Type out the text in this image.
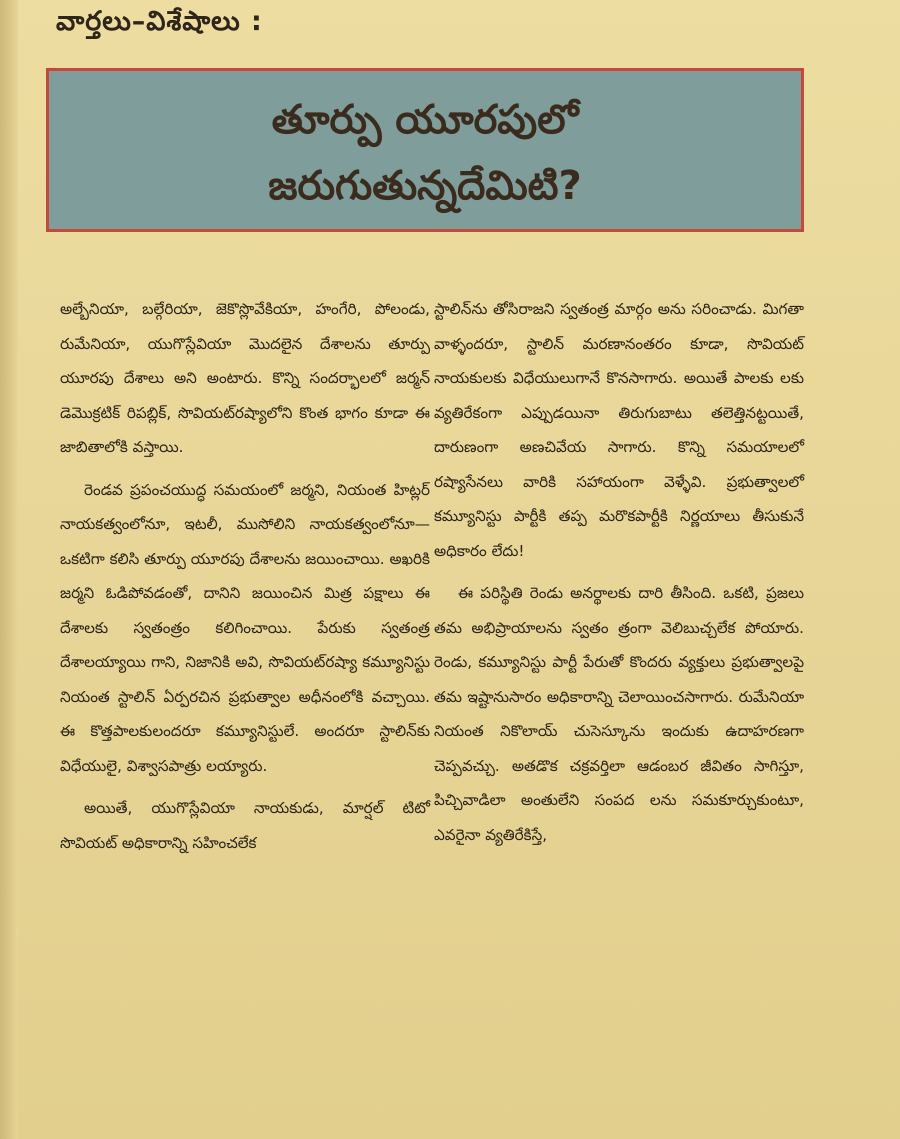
వార్తలు–విశేషాలు :
తూర్పు యూరపులో
జరుగుతున్నదేమిటి?

అల్బేనియా, బల్గేరియా, జెకొస్లొవేకియా, హంగేరి, పోలండు, రుమేనియా, యుగొస్లేవియా మొదలైన దేశాలను తూర్పు యూరపు దేశాలు అని అంటారు. కొన్ని సందర్భాలలో జర్మన్ డెమొక్రటిక్ రిపబ్లిక్, సొవియట్‌రష్యాలోని కొంత భాగం కూడా ఈ జాబితాలోకి వస్తాయి.

రెండవ ప్రపంచయుద్ధ సమయంలో జర్మని, నియంత హిట్లర్ నాయకత్వంలోనూ, ఇటలీ, ముసోలిని నాయకత్వంలోనూ—ఒకటిగా కలిసి తూర్పు యూరపు దేశాలను జయించాయి. అఖరికి జర్మని ఓడిపోవడంతో, దానిని జయించిన మిత్ర పక్షాలు ఈ దేశాలకు స్వతంత్రం కలిగించాయి. పేరుకు స్వతంత్ర దేశాలయ్యాయి గాని, నిజానికి అవి, సొవియట్‌రష్యా కమ్యూనిస్టు నియంత స్టాలిన్ ఏర్పరచిన ప్రభుత్వాల అధీనంలోకి వచ్చాయి. ఈ కొత్తపాలకులందరూ కమ్యూనిస్టులే. అందరూ స్టాలిన్‌కు విధేయులై, విశ్వాసపాత్రు లయ్యారు.

అయితే, యుగొస్లేవియా నాయకుడు, మార్షల్ టిటో సొవియట్ అధికారాన్ని సహించలేక

స్టాలిన్‌ను తోసిరాజని స్వతంత్ర మార్గం అను సరించాడు. మిగతా వాళ్ళందరూ, స్టాలిన్ మరణానంతరం కూడా, సొవియట్ నాయకులకు విధేయులుగానే కొనసాగారు. అయితే పాలకు లకు వ్యతిరేకంగా ఎప్పుడయినా తిరుగుబాటు తలెత్తినట్టయితే, దారుణంగా అణచివేయ సాగారు. కొన్ని సమయాలలో రష్యాసేనలు వారికి సహాయంగా వెళ్ళేవి. ప్రభుత్వాలలో కమ్యూనిస్టు పార్టీకి తప్ప మరొకపార్టీకి నిర్ణయాలు తీసుకునే అధికారం లేదు!

ఈ పరిస్థితి రెండు అనర్థాలకు దారి తీసింది. ఒకటి, ప్రజలు తమ అభిప్రాయాలను స్వతం త్రంగా వెలిబుచ్చలేక పోయారు. రెండు, కమ్యూనిస్టు పార్టీ పేరుతో కొందరు వ్యక్తులు ప్రభుత్వాలపై తమ ఇష్టానుసారం అధికారాన్ని చెలాయించసాగారు. రుమేనియా నియంత నికొలాయ్ చుసెస్కూను ఇందుకు ఉదాహరణగా చెప్పవచ్చు. అతడొక చక్రవర్తిలా ఆడంబర జీవితం సాగిస్తూ, పిచ్చివాడిలా అంతులేని సంపద లను సమకూర్చుకుంటూ, ఎవరైనా వ్యతిరేకిస్తే,
